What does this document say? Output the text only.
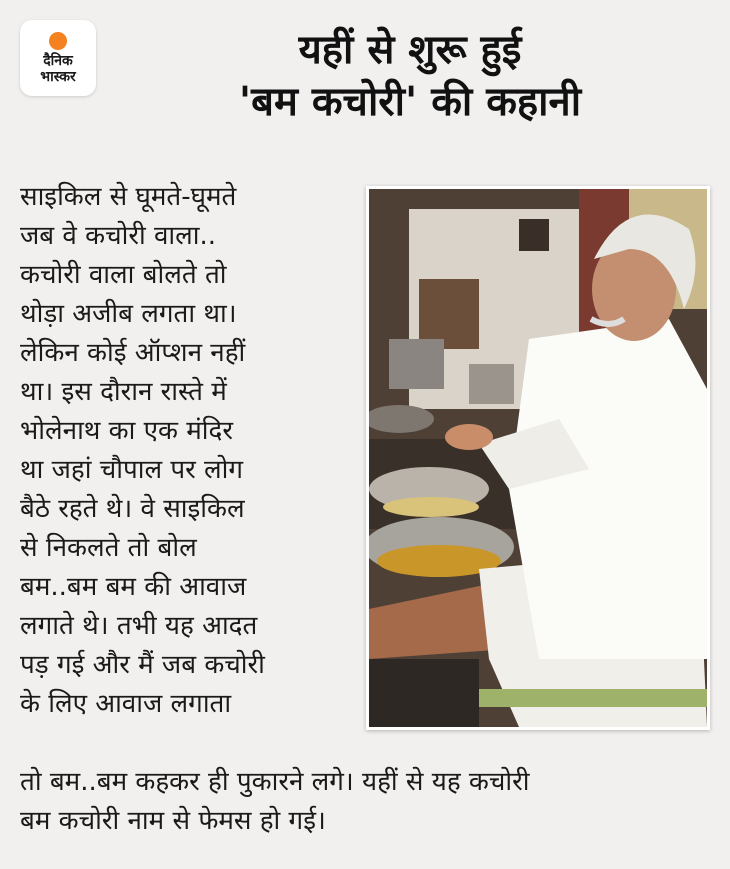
दैनिक
भास्कर
यहीं से शुरू हुई
'बम कचोरी' की कहानी
साइकिल से घूमते-घूमते
जब वे कचोरी वाला..
कचोरी वाला बोलते तो
थोड़ा अजीब लगता था।
लेकिन कोई ऑप्शन नहीं
था। इस दौरान रास्ते में
भोलेनाथ का एक मंदिर
था जहां चौपाल पर लोग
बैठे रहते थे। वे साइकिल
से निकलते तो बोल
बम..बम बम की आवाज
लगाते थे। तभी यह आदत
पड़ गई और मैं जब कचोरी
के लिए आवाज लगाता
तो बम..बम कहकर ही पुकारने लगे। यहीं से यह कचोरी
बम कचोरी नाम से फेमस हो गई।
